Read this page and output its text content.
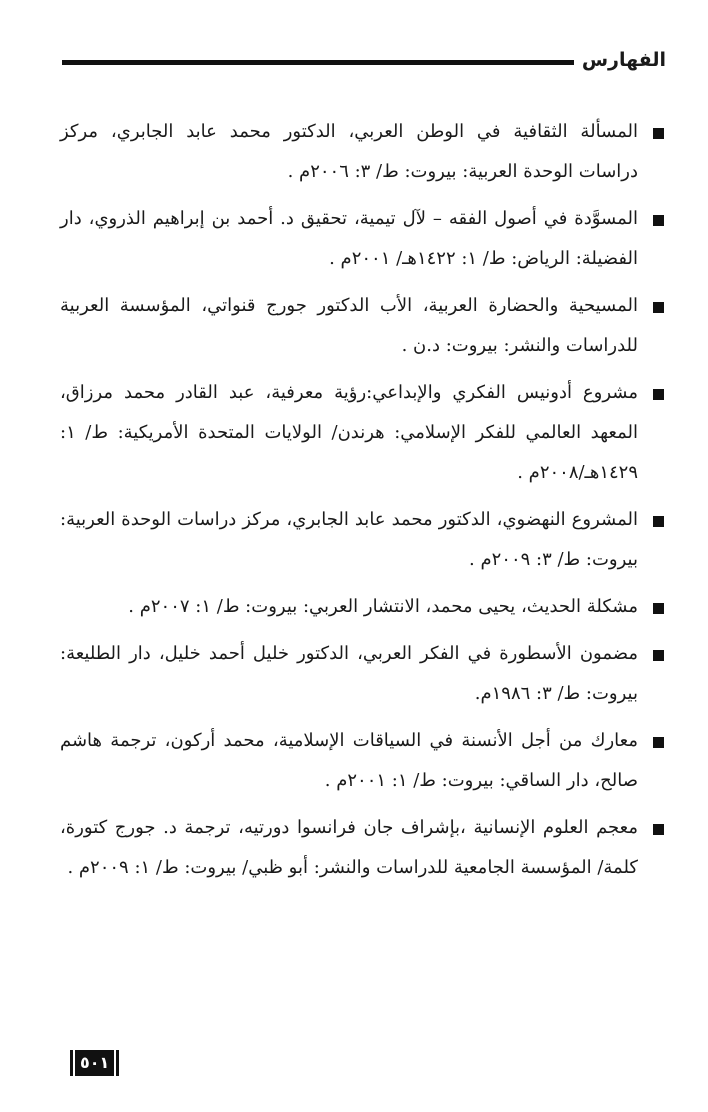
الفهارس
المسألة الثقافية في الوطن العربي، الدكتور محمد عابد الجابري، مركز دراسات الوحدة العربية: بيروت: ط/ ٣: ٢٠٠٦م .
المسوَّدة في أصول الفقه – لآل تيمية، تحقيق د. أحمد بن إبراهيم الذروي، دار الفضيلة: الرياض: ط/ ١: ١٤٢٢هـ/ ٢٠٠١م .
المسيحية والحضارة العربية، الأب الدكتور جورج قنواتي، المؤسسة العربية للدراسات والنشر: بيروت: د.ن .
مشروع أدونيس الفكري والإبداعي:رؤية معرفية، عبد القادر محمد مرزاق، المعهد العالمي للفكر الإسلامي: هرندن/ الولايات المتحدة الأمريكية: ط/ ١: ١٤٢٩هـ/٢٠٠٨م .
المشروع النهضوي، الدكتور محمد عابد الجابري، مركز دراسات الوحدة العربية: بيروت: ط/ ٣: ٢٠٠٩م .
مشكلة الحديث، يحيى محمد، الانتشار العربي: بيروت: ط/ ١: ٢٠٠٧م .
مضمون الأسطورة في الفكر العربي، الدكتور خليل أحمد خليل، دار الطليعة: بيروت: ط/ ٣: ١٩٨٦م.
معارك من أجل الأنسنة في السياقات الإسلامية، محمد أركون، ترجمة هاشم صالح، دار الساقي: بيروت: ط/ ١: ٢٠٠١م .
معجم العلوم الإنسانية ،بإشراف جان فرانسوا دورتيه، ترجمة د. جورج كتورة، كلمة/ المؤسسة الجامعية للدراسات والنشر: أبو ظبي/ بيروت: ط/ ١: ٢٠٠٩م .
٥٠١
